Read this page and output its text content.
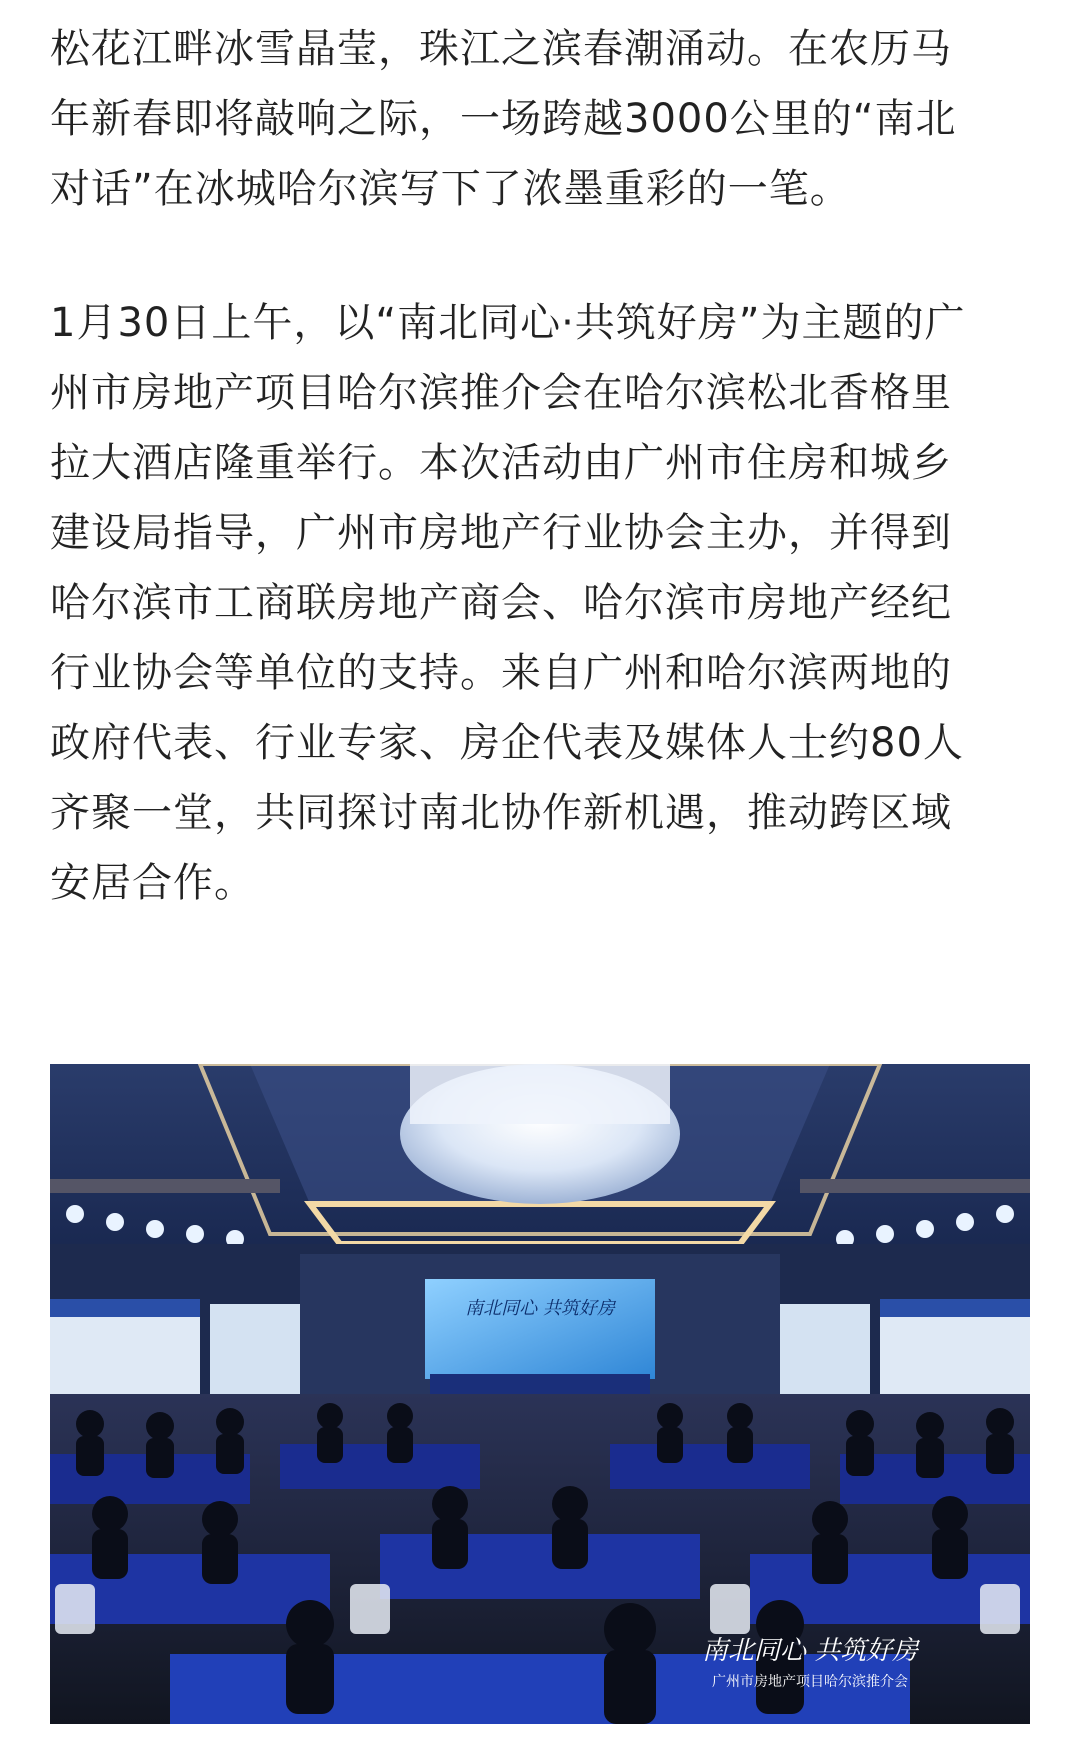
松花江畔冰雪晶莹，珠江之滨春潮涌动。在农历马
年新春即将敲响之际，一场跨越3000公里的“南北
对话”在冰城哈尔滨写下了浓墨重彩的一笔。

1月30日上午，以“南北同心·共筑好房”为主题的广
州市房地产项目哈尔滨推介会在哈尔滨松北香格里
拉大酒店隆重举行。本次活动由广州市住房和城乡
建设局指导，广州市房地产行业协会主办，并得到
哈尔滨市工商联房地产商会、哈尔滨市房地产经纪
行业协会等单位的支持。来自广州和哈尔滨两地的
政府代表、行业专家、房企代表及媒体人士约80人
齐聚一堂，共同探讨南北协作新机遇，推动跨区域
安居合作。

南北同心 共筑好房
南北同心 共筑好房
广州市房地产项目哈尔滨推介会
